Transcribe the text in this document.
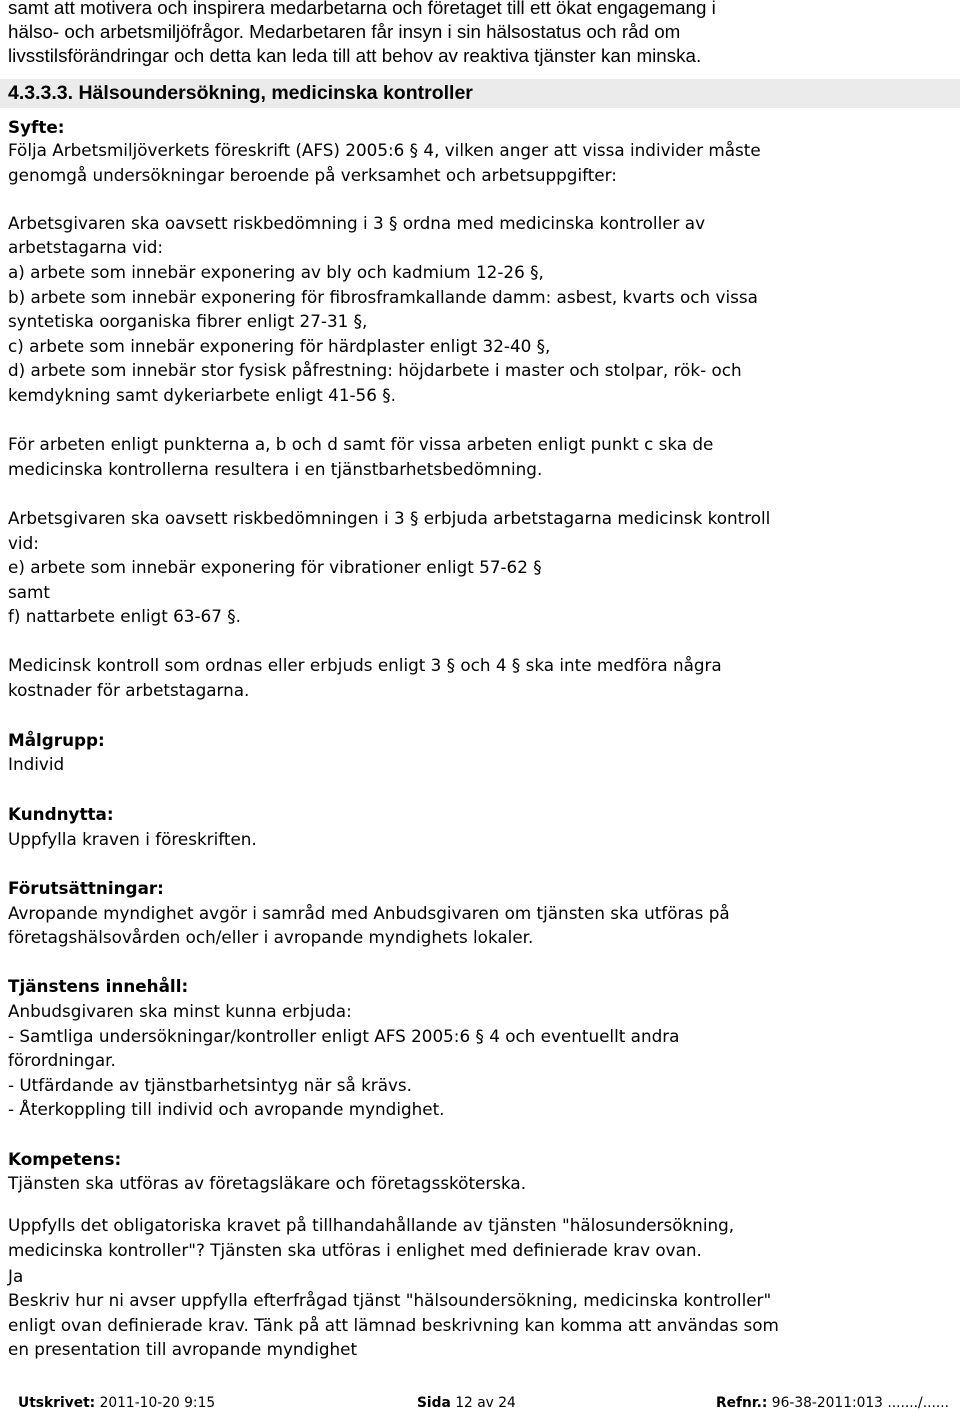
samt att motivera och inspirera medarbetarna och företaget till ett ökat engagemang i
hälso- och arbetsmiljöfrågor. Medarbetaren får insyn i sin hälsostatus och råd om
livsstilsförändringar och detta kan leda till att behov av reaktiva tjänster kan minska.
4.3.3.3. Hälsoundersökning, medicinska kontroller
Syfte:
Följa Arbetsmiljöverkets föreskrift (AFS) 2005:6 § 4, vilken anger att vissa individer måste
genomgå undersökningar beroende på verksamhet och arbetsuppgifter:
Arbetsgivaren ska oavsett riskbedömning i 3 § ordna med medicinska kontroller av
arbetstagarna vid:
a) arbete som innebär exponering av bly och kadmium 12-26 §,
b) arbete som innebär exponering för fibrosframkallande damm: asbest, kvarts och vissa
syntetiska oorganiska fibrer enligt 27-31 §,
c) arbete som innebär exponering för härdplaster enligt 32-40 §,
d) arbete som innebär stor fysisk påfrestning: höjdarbete i master och stolpar, rök- och
kemdykning samt dykeriarbete enligt 41-56 §.
För arbeten enligt punkterna a, b och d samt för vissa arbeten enligt punkt c ska de
medicinska kontrollerna resultera i en tjänstbarhetsbedömning.
Arbetsgivaren ska oavsett riskbedömningen i 3 § erbjuda arbetstagarna medicinsk kontroll
vid:
e) arbete som innebär exponering för vibrationer enligt 57-62 §
samt
f) nattarbete enligt 63-67 §.
Medicinsk kontroll som ordnas eller erbjuds enligt 3 § och 4 § ska inte medföra några
kostnader för arbetstagarna.
Målgrupp:
Individ
Kundnytta:
Uppfylla kraven i föreskriften.
Förutsättningar:
Avropande myndighet avgör i samråd med Anbudsgivaren om tjänsten ska utföras på
företagshälsovården och/eller i avropande myndighets lokaler.
Tjänstens innehåll:
Anbudsgivaren ska minst kunna erbjuda:
- Samtliga undersökningar/kontroller enligt AFS 2005:6 § 4 och eventuellt andra
förordningar.
- Utfärdande av tjänstbarhetsintyg när så krävs.
- Återkoppling till individ och avropande myndighet.
Kompetens:
Tjänsten ska utföras av företagsläkare och företagssköterska.
Uppfylls det obligatoriska kravet på tillhandahållande av tjänsten "hälosundersökning,
medicinska kontroller"? Tjänsten ska utföras i enlighet med definierade krav ovan.
Ja
Beskriv hur ni avser uppfylla efterfrågad tjänst "hälsoundersökning, medicinska kontroller"
enligt ovan definierade krav. Tänk på att lämnad beskrivning kan komma att användas som
en presentation till avropande myndighet
Utskrivet: 2011-10-20 9:15	Sida 12 av 24	Refnr.: 96-38-2011:013 ......./......
